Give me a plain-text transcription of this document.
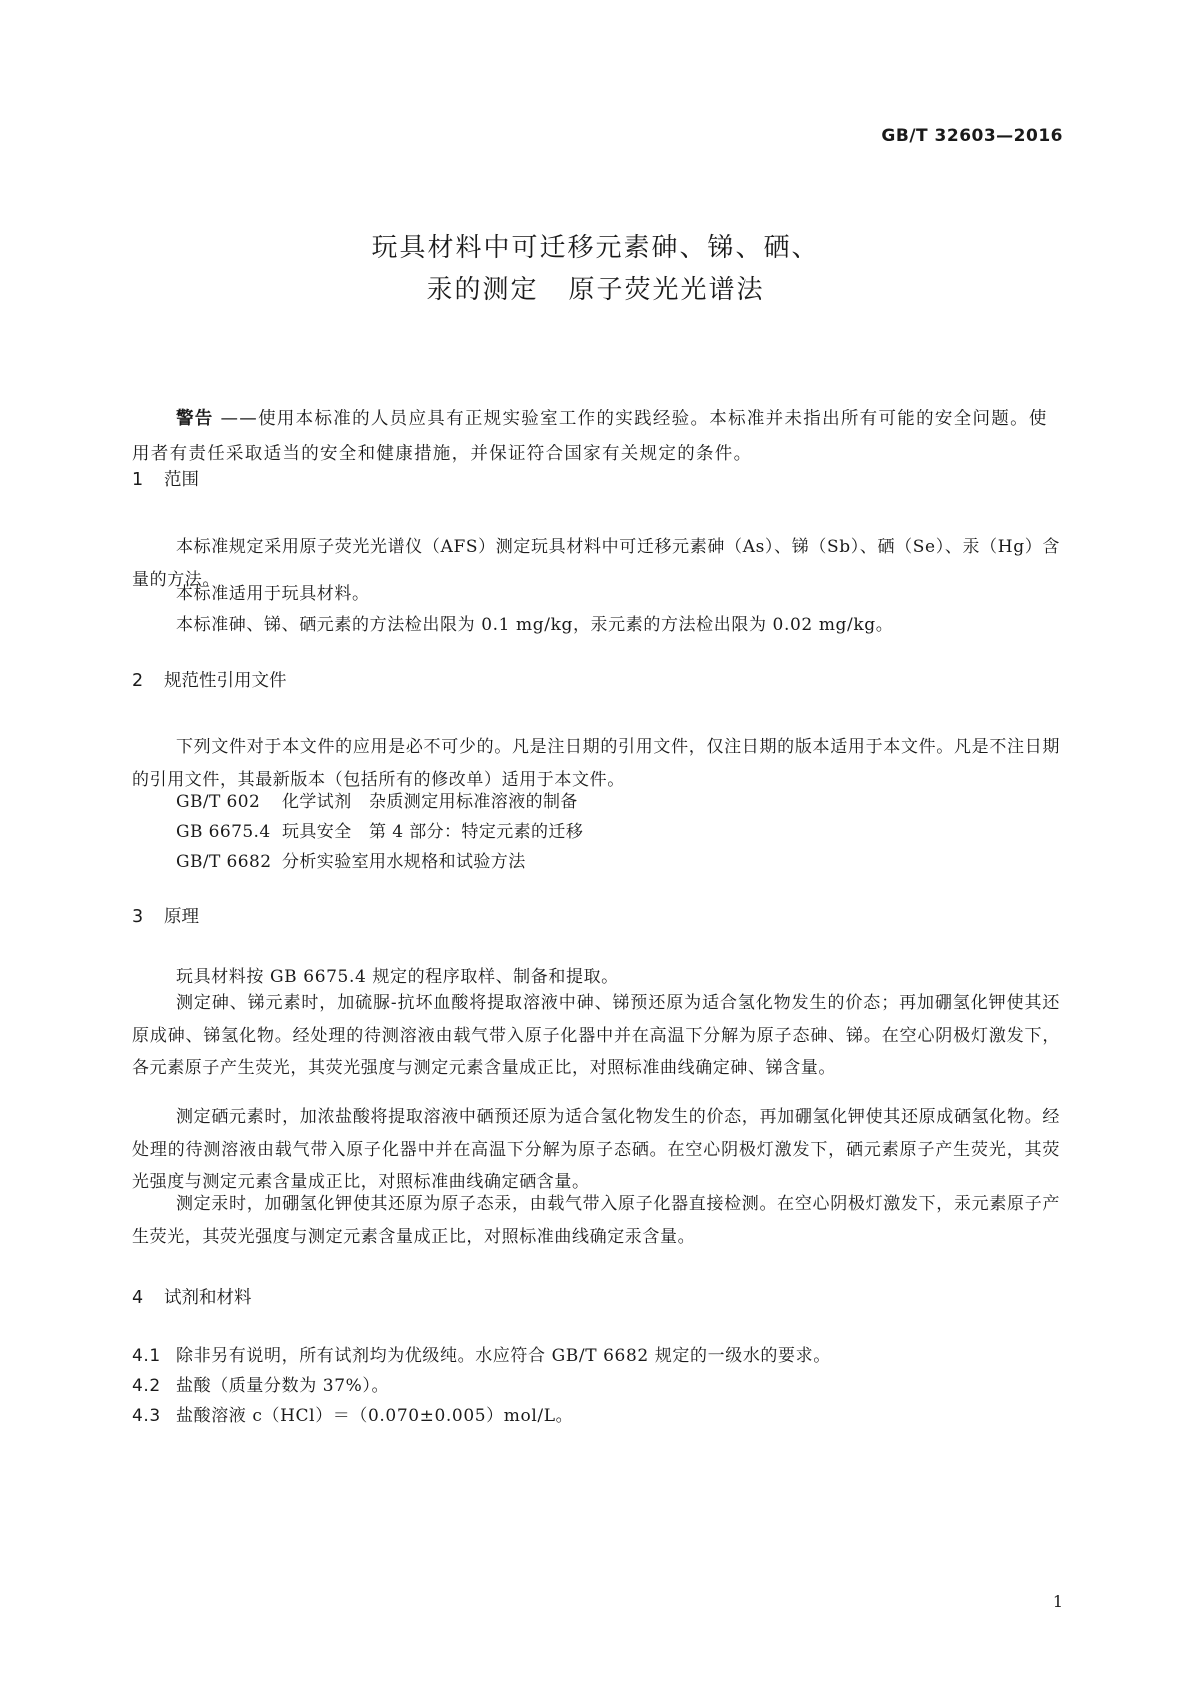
GB/T 32603—2016
玩具材料中可迁移元素砷、锑、硒、
汞的测定 原子荧光光谱法
警告 ——使用本标准的人员应具有正规实验室工作的实践经验。本标准并未指出所有可能的安全问题。使用者有责任采取适当的安全和健康措施，并保证符合国家有关规定的条件。
1 范围
本标准规定采用原子荧光光谱仪（AFS）测定玩具材料中可迁移元素砷（As）、锑（Sb）、硒（Se）、汞（Hg）含量的方法。
本标准适用于玩具材料。
本标准砷、锑、硒元素的方法检出限为 0.1 mg/kg，汞元素的方法检出限为 0.02 mg/kg。
2 规范性引用文件
下列文件对于本文件的应用是必不可少的。凡是注日期的引用文件，仅注日期的版本适用于本文件。凡是不注日期的引用文件，其最新版本（包括所有的修改单）适用于本文件。
GB/T 602 化学试剂　杂质测定用标准溶液的制备
GB 6675.4 玩具安全　第 4 部分：特定元素的迁移
GB/T 6682 分析实验室用水规格和试验方法
3 原理
玩具材料按 GB 6675.4 规定的程序取样、制备和提取。
测定砷、锑元素时，加硫脲-抗坏血酸将提取溶液中砷、锑预还原为适合氢化物发生的价态；再加硼氢化钾使其还原成砷、锑氢化物。经处理的待测溶液由载气带入原子化器中并在高温下分解为原子态砷、锑。在空心阴极灯激发下，各元素原子产生荧光，其荧光强度与测定元素含量成正比，对照标准曲线确定砷、锑含量。
测定硒元素时，加浓盐酸将提取溶液中硒预还原为适合氢化物发生的价态，再加硼氢化钾使其还原成硒氢化物。经处理的待测溶液由载气带入原子化器中并在高温下分解为原子态硒。在空心阴极灯激发下，硒元素原子产生荧光，其荧光强度与测定元素含量成正比，对照标准曲线确定硒含量。
测定汞时，加硼氢化钾使其还原为原子态汞，由载气带入原子化器直接检测。在空心阴极灯激发下，汞元素原子产生荧光，其荧光强度与测定元素含量成正比，对照标准曲线确定汞含量。
4 试剂和材料
4.1 除非另有说明，所有试剂均为优级纯。水应符合 GB/T 6682 规定的一级水的要求。
4.2 盐酸（质量分数为 37%）。
4.3 盐酸溶液 c（HCl）＝（0.070±0.005）mol/L。
1
